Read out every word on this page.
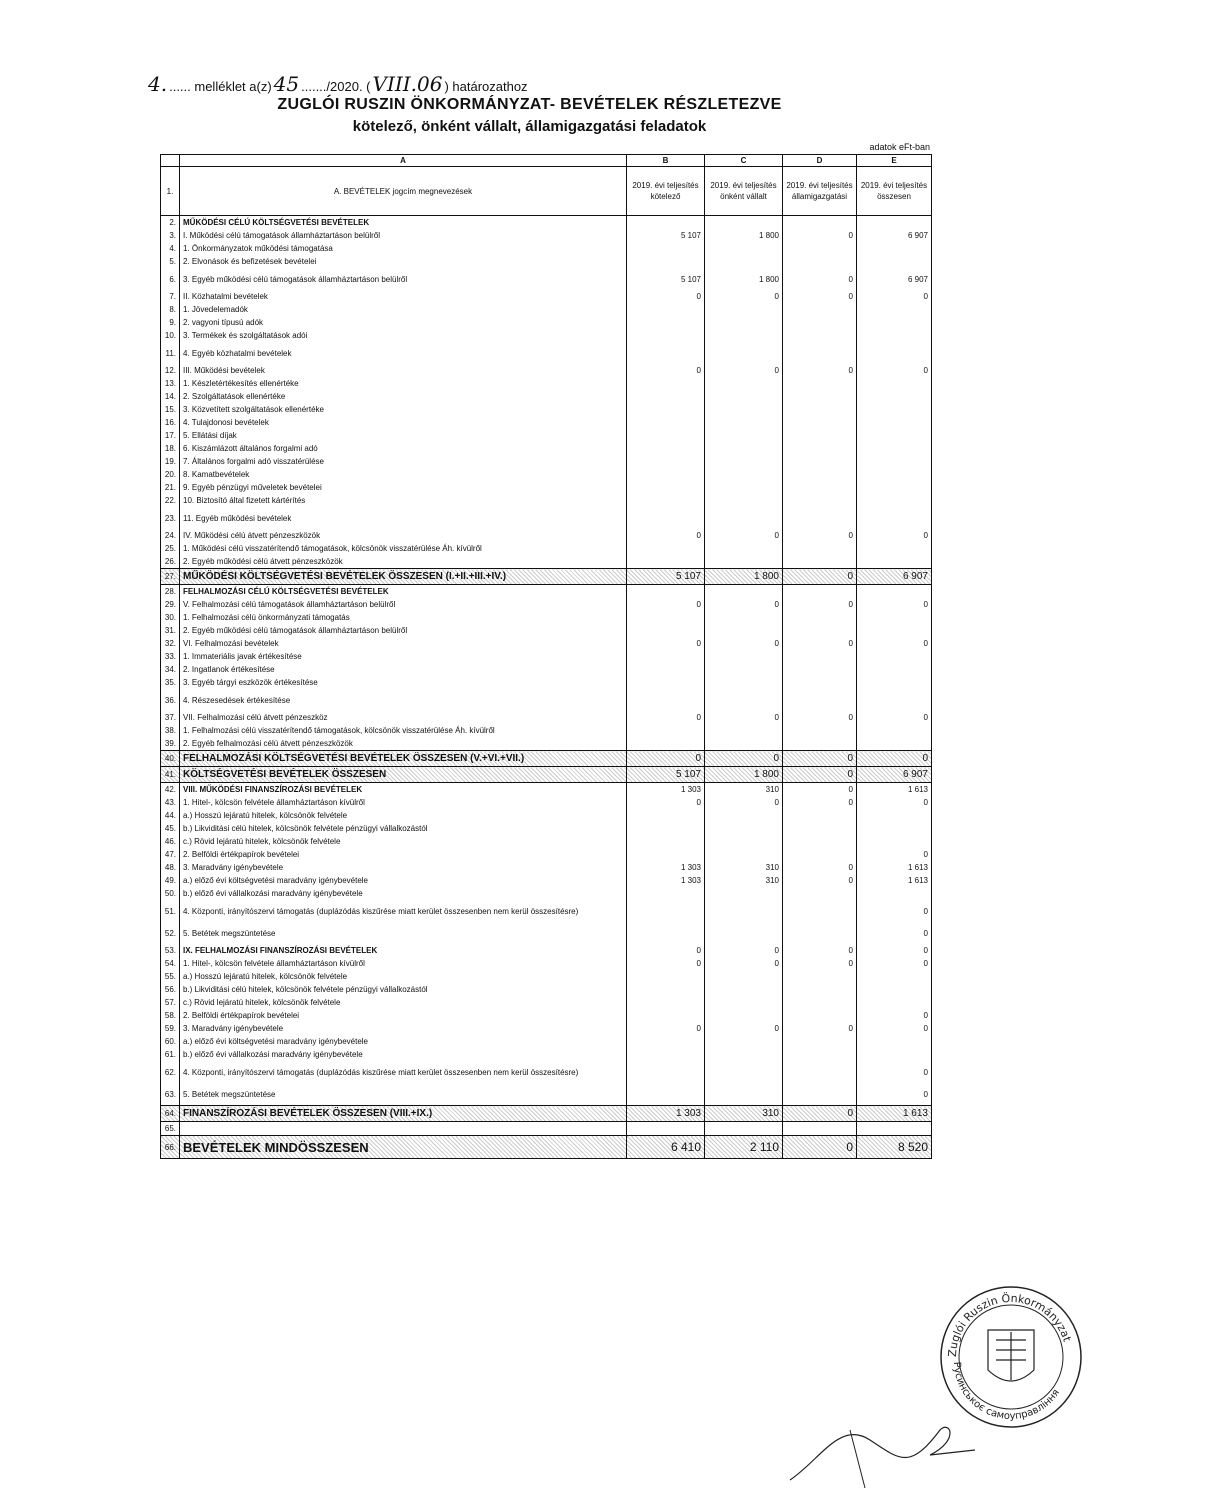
4. ...... melléklet a(z) 45 ......./2020. ( VIII.06 ) határozathoz
ZUGLÓI RUSZIN ÖNKORMÁNYZAT- BEVÉTELEK RÉSZLETEZVE
kötelező, önként vállalt, államigazgatási feladatok
adatok eFt-ban
	A	B	C	D	E
1.	A. BEVÉTELEK jogcím megnevezések	2019. évi teljesítés kötelező	2019. évi teljesítés önként vállalt	2019. évi teljesítés államigazgatási	2019. évi teljesítés összesen
2.	MŰKÖDÉSI CÉLÚ KÖLTSÉGVETÉSI BEVÉTELEK				
3.	I. Működési célú támogatások államháztartáson belülről	5 107	1 800	0	6 907
4.	1. Önkormányzatok működési támogatása				
5.	2. Elvonások és befizetések bevételei				
6.	3. Egyéb működési célú támogatások államháztartáson belülről	5 107	1 800	0	6 907
7.	II. Közhatalmi bevételek	0	0	0	0
8.	1. Jövedelemadók				
9.	2. vagyoni típusú adók				
10.	3. Termékek és szolgáltatások adói				
11.	4. Egyéb közhatalmi bevételek				
12.	III. Működési bevételek	0	0	0	0
13.	1. Készletértékesítés ellenértéke				
14.	2. Szolgáltatások ellenértéke				
15.	3. Közvetített szolgáltatások ellenértéke				
16.	4. Tulajdonosi bevételek				
17.	5. Ellátási díjak				
18.	6. Kiszámlázott általános forgalmi adó				
19.	7. Általános forgalmi adó visszatérülése				
20.	8. Kamatbevételek				
21.	9. Egyéb pénzügyi műveletek bevételei				
22.	10. Biztosító által fizetett kártérítés				
23.	11. Egyéb működési bevételek				
24.	IV. Működési célú átvett pénzeszközök	0	0	0	0
25.	1. Működési célú visszatérítendő támogatások, kölcsönök visszatérülése Áh. kívülről				
26.	2. Egyéb működési célú átvett pénzeszközök				
27.	MŰKÖDÉSI KÖLTSÉGVETÉSI BEVÉTELEK ÖSSZESEN (I.+II.+III.+IV.)	5 107	1 800	0	6 907
28.	FELHALMOZÁSI CÉLÚ KÖLTSÉGVETÉSI BEVÉTELEK				
29.	V. Felhalmozási célú támogatások államháztartáson belülről	0	0	0	0
30.	1. Felhalmozási célú önkormányzati támogatás				
31.	2. Egyéb működési célú támogatások államháztartáson belülről				
32.	VI. Felhalmozási bevételek	0	0	0	0
33.	1. Immateriális javak értékesítése				
34.	2. Ingatlanok értékesítése				
35.	3. Egyéb tárgyi eszközök értékesítése				
36.	4. Részesedések értékesítése				
37.	VII. Felhalmozási célú átvett pénzeszköz	0	0	0	0
38.	1. Felhalmozási célú visszatérítendő támogatások, kölcsönök visszatérülése Áh. kívülről				
39.	2. Egyéb felhalmozási célú átvett pénzeszközök				
40.	FELHALMOZÁSI KÖLTSÉGVETÉSI BEVÉTELEK ÖSSZESEN (V.+VI.+VII.)	0	0	0	0
41.	KÖLTSÉGVETÉSI BEVÉTELEK ÖSSZESEN	5 107	1 800	0	6 907
42.	VIII. MŰKÖDÉSI FINANSZÍROZÁSI BEVÉTELEK	1 303	310	0	1 613
43.	1. Hitel-, kölcsön felvétele államháztartáson kívülről	0	0	0	0
44.	a.) Hosszú lejáratú hitelek, kölcsönök felvétele				
45.	b.) Likviditási célú hitelek, kölcsönök felvétele pénzügyi vállalkozástól				
46.	c.) Rövid lejáratú hitelek, kölcsönök felvétele				
47.	2. Belföldi értékpapírok bevételei				0
48.	3. Maradvány igénybevétele	1 303	310	0	1 613
49.	a.) előző évi költségvetési maradvány igénybevétele	1 303	310	0	1 613
50.	b.) előző évi vállalkozási maradvány igénybevétele				
51.	4. Központi, irányítószervi támogatás (duplázódás kiszűrése miatt kerület összesenben nem kerül összesítésre)				0
52.	5. Betétek megszüntetése				0
53.	IX. FELHALMOZÁSI FINANSZÍROZÁSI BEVÉTELEK	0	0	0	0
54.	1. Hitel-, kölcsön felvétele államháztartáson kívülről	0	0	0	0
55.	a.) Hosszú lejáratú hitelek, kölcsönök felvétele				
56.	b.) Likviditási célú hitelek, kölcsönök felvétele pénzügyi vállalkozástól				
57.	c.) Rövid lejáratú hitelek, kölcsönök felvétele				
58.	2. Belföldi értékpapírok bevételei				0
59.	3. Maradvány igénybevétele	0	0	0	0
60.	a.) előző évi költségvetési maradvány igénybevétele				
61.	b.) előző évi vállalkozási maradvány igénybevétele				
62.	4. Központi, irányítószervi támogatás (duplázódás kiszűrése miatt kerület összesenben nem kerül összesítésre)				0
63.	5. Betétek megszüntetése				0
64.	FINANSZÍROZÁSI BEVÉTELEK ÖSSZESEN (VIII.+IX.)	1 303	310	0	1 613
65.					
66.	BEVÉTELEK MINDÖSSZESEN	6 410	2 110	0	8 520
Zuglói Ruszin Önkormányzat
Русинськоє самоуправління
